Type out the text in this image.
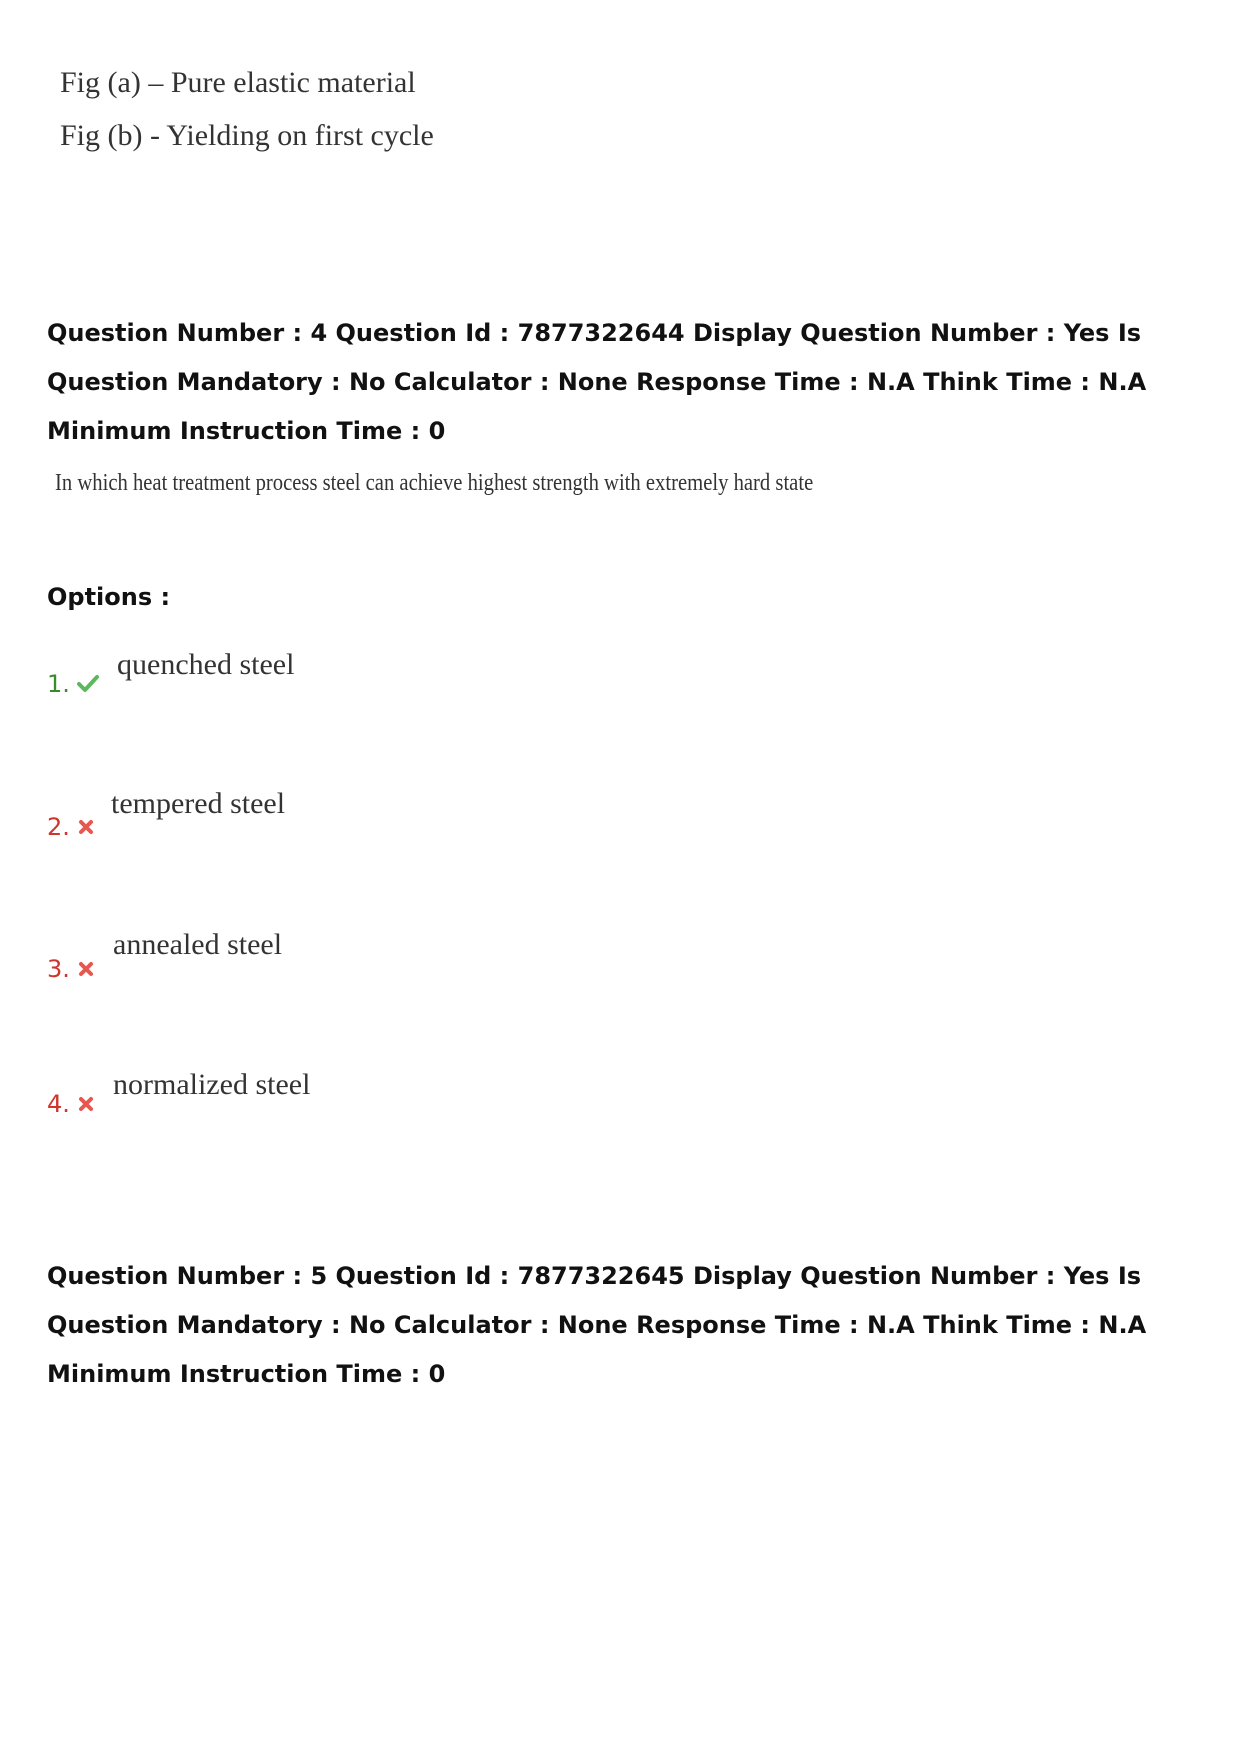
Fig (a) – Pure elastic material
Fig (b) - Yielding on first cycle
Question Number : 4 Question Id : 7877322644 Display Question Number : Yes Is Question Mandatory : No Calculator : None Response Time : N.A Think Time : N.A Minimum Instruction Time : 0
In which heat treatment process steel can achieve highest strength with extremely hard state
Options :
1.
quenched steel
2.
tempered steel
3.
annealed steel
4.
normalized steel
Question Number : 5 Question Id : 7877322645 Display Question Number : Yes Is Question Mandatory : No Calculator : None Response Time : N.A Think Time : N.A Minimum Instruction Time : 0
